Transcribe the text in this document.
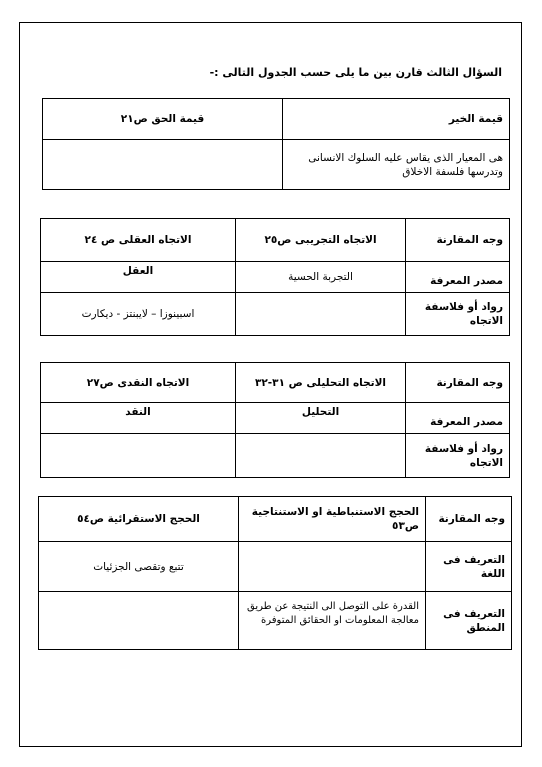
السؤال الثالث قارن بين ما يلى حسب الجدول التالى :-
قيمة الخير	قيمة الحق ص٢١
هى المعيار الذى يقاس عليه السلوك الانسانى وتدرسها فلسفة الاخلاق	
وجه المقارنة	الاتجاه التجريبى ص٢٥	الاتجاه العقلى ص ٢٤
مصدر المعرفة	التجربة الحسية	العقل
رواد أو فلاسفة الاتجاه		اسبينوزا – لايبنتز - ديكارت
وجه المقارنة	الاتجاه التحليلى ص ٣١-٣٢	الاتجاه النقدى ص٢٧
مصدر المعرفة	التحليل	النقد
رواد أو فلاسفة الاتجاه		
وجه المقارنة	الحجج الاستنباطية او الاستنتاجية ص٥٣	الحجج الاستقرائية ص٥٤
التعريف فى اللغة		تتبع وتقصى الجزئيات
التعريف فى المنطق	القدرة على التوصل الى النتيجة عن طريق معالجة المعلومات او الحقائق المتوفرة	
